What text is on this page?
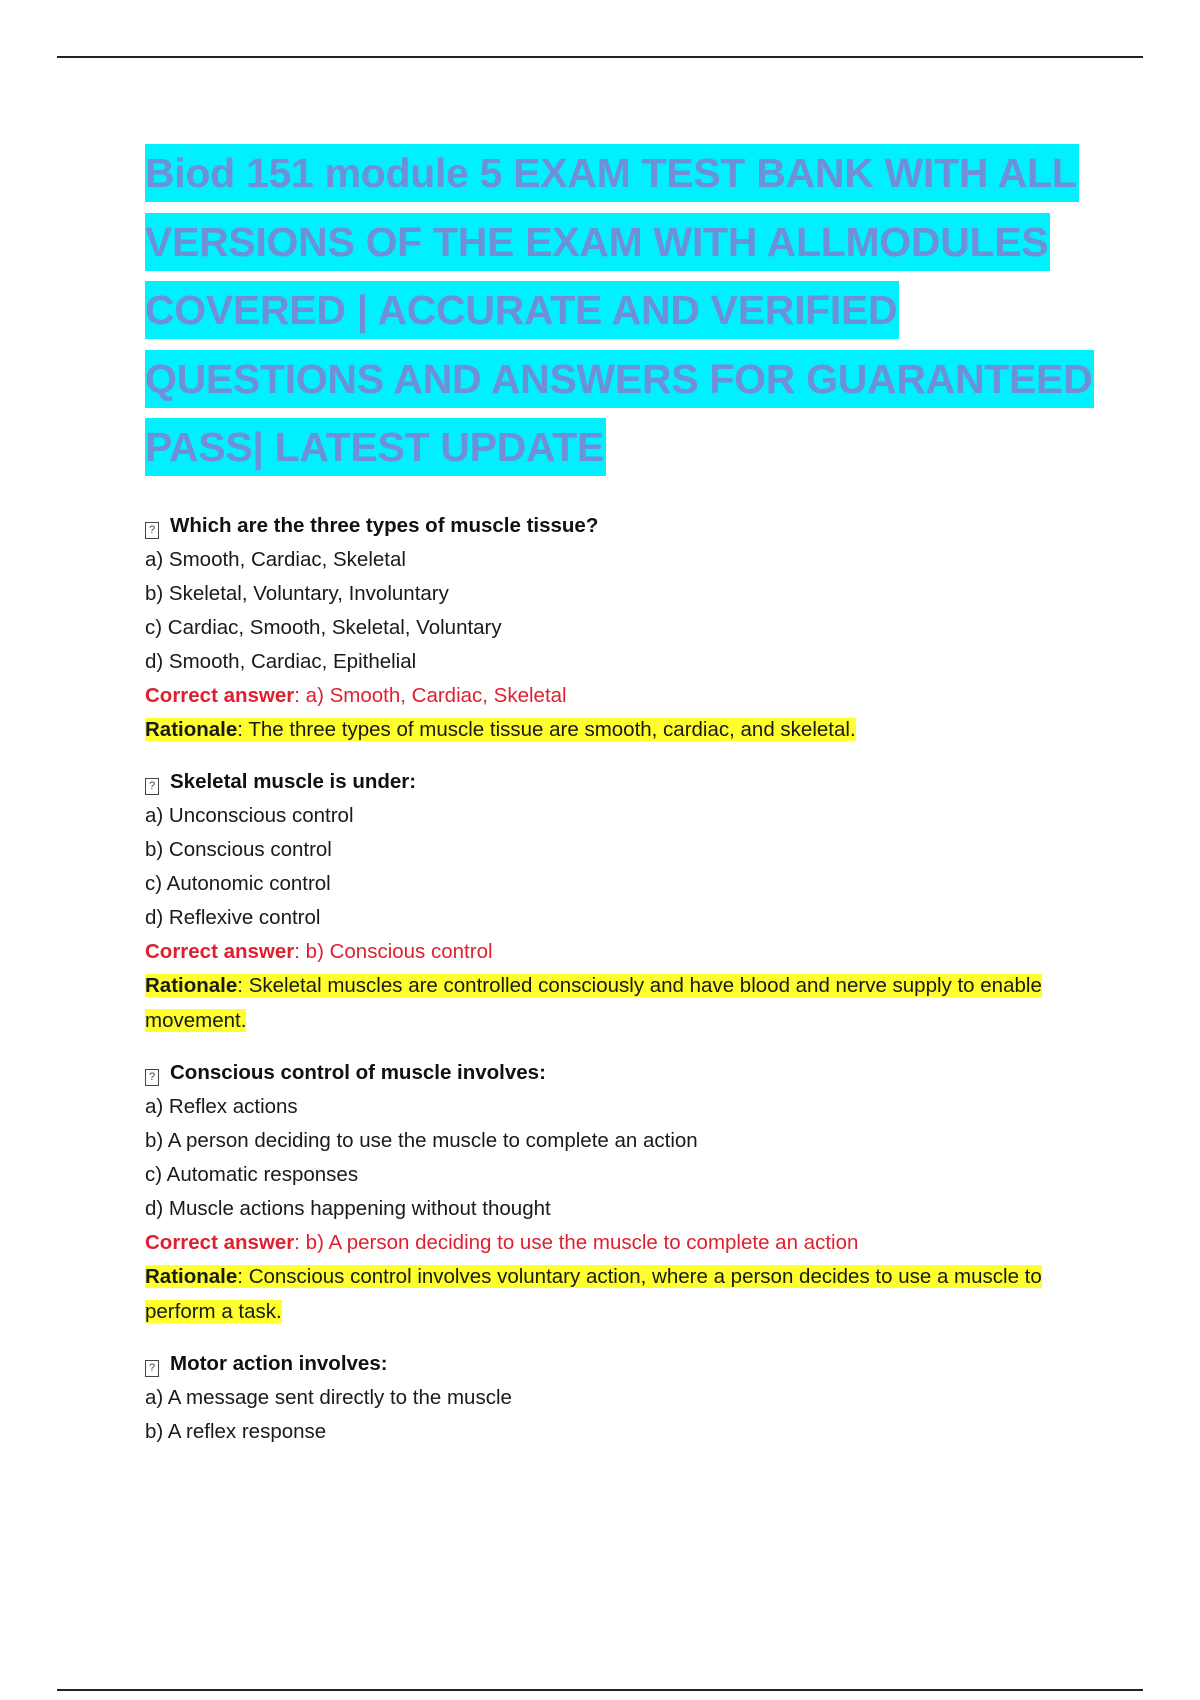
Biod 151 module 5 EXAM TEST BANK WITH ALL
VERSIONS OF THE EXAM WITH ALLMODULES
COVERED | ACCURATE AND VERIFIED
QUESTIONS AND ANSWERS FOR GUARANTEED
PASS| LATEST UPDATE
? Which are the three types of muscle tissue?
a) Smooth, Cardiac, Skeletal
b) Skeletal, Voluntary, Involuntary
c) Cardiac, Smooth, Skeletal, Voluntary
d) Smooth, Cardiac, Epithelial
Correct answer: a) Smooth, Cardiac, Skeletal
Rationale: The three types of muscle tissue are smooth, cardiac, and skeletal.
? Skeletal muscle is under:
a) Unconscious control
b) Conscious control
c) Autonomic control
d) Reflexive control
Correct answer: b) Conscious control
Rationale: Skeletal muscles are controlled consciously and have blood and nerve supply to enable movement.
? Conscious control of muscle involves:
a) Reflex actions
b) A person deciding to use the muscle to complete an action
c) Automatic responses
d) Muscle actions happening without thought
Correct answer: b) A person deciding to use the muscle to complete an action
Rationale: Conscious control involves voluntary action, where a person decides to use a muscle to perform a task.
? Motor action involves:
a) A message sent directly to the muscle
b) A reflex response
